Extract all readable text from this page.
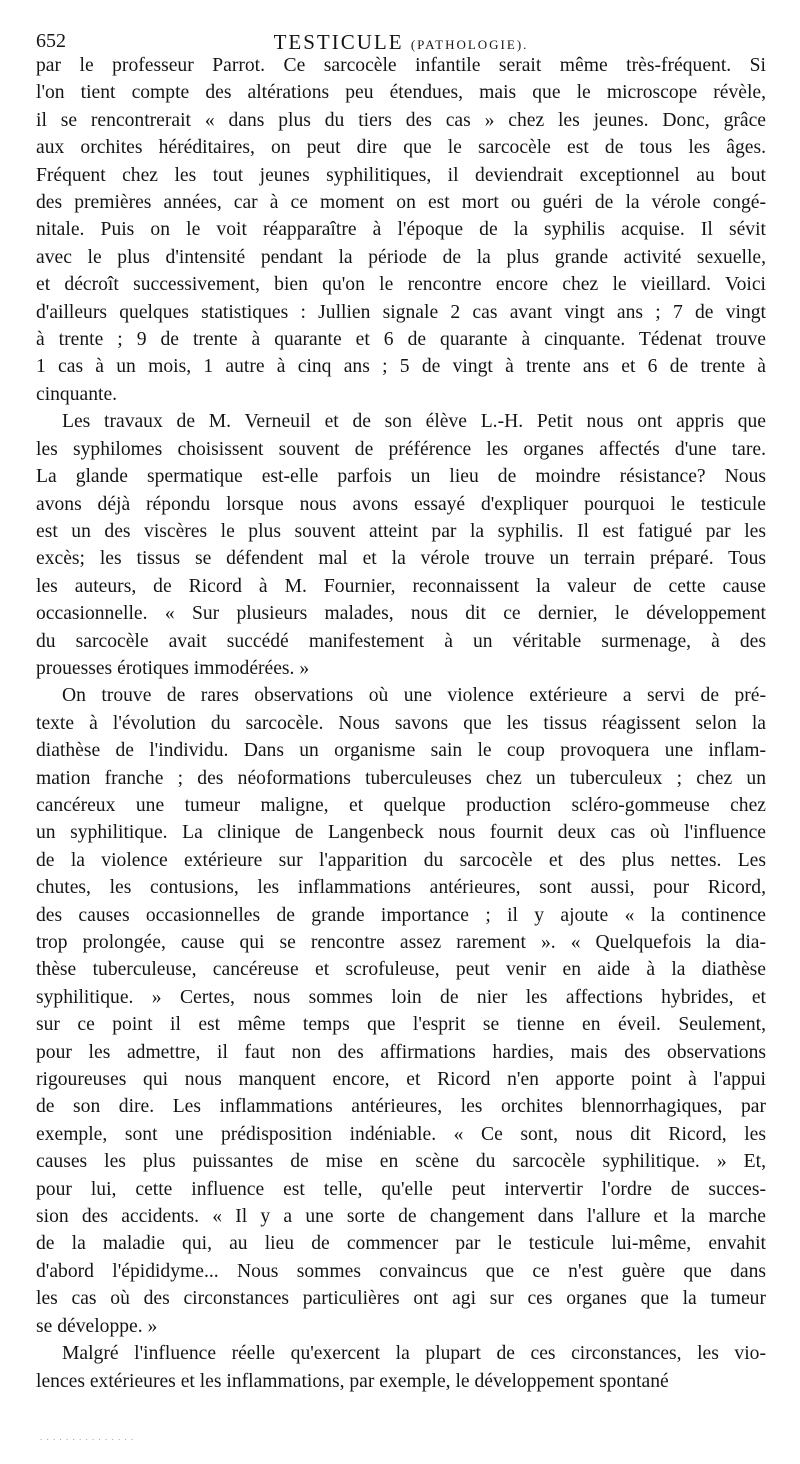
652	TESTICULE (PATHOLOGIE).

par le professeur Parrot. Ce sarcocèle infantile serait même très-fréquent. Si
l'on tient compte des altérations peu étendues, mais que le microscope révèle,
il se rencontrerait « dans plus du tiers des cas » chez les jeunes. Donc, grâce
aux orchites héréditaires, on peut dire que le sarcocèle est de tous les âges.
Fréquent chez les tout jeunes syphilitiques, il deviendrait exceptionnel au bout
des premières années, car à ce moment on est mort ou guéri de la vérole congé-
nitale. Puis on le voit réapparaître à l'époque de la syphilis acquise. Il sévit
avec le plus d'intensité pendant la période de la plus grande activité sexuelle,
et décroît successivement, bien qu'on le rencontre encore chez le vieillard. Voici
d'ailleurs quelques statistiques : Jullien signale 2 cas avant vingt ans ; 7 de vingt
à trente ; 9 de trente à quarante et 6 de quarante à cinquante. Tédenat trouve
1 cas à un mois, 1 autre à cinq ans ; 5 de vingt à trente ans et 6 de trente à
cinquante.

Les travaux de M. Verneuil et de son élève L.-H. Petit nous ont appris que
les syphilomes choisissent souvent de préférence les organes affectés d'une tare.
La glande spermatique est-elle parfois un lieu de moindre résistance? Nous
avons déjà répondu lorsque nous avons essayé d'expliquer pourquoi le testicule
est un des viscères le plus souvent atteint par la syphilis. Il est fatigué par les
excès; les tissus se défendent mal et la vérole trouve un terrain préparé. Tous
les auteurs, de Ricord à M. Fournier, reconnaissent la valeur de cette cause
occasionnelle. « Sur plusieurs malades, nous dit ce dernier, le développement
du sarcocèle avait succédé manifestement à un véritable surmenage, à des
prouesses érotiques immodérées. »

On trouve de rares observations où une violence extérieure a servi de pré-
texte à l'évolution du sarcocèle. Nous savons que les tissus réagissent selon la
diathèse de l'individu. Dans un organisme sain le coup provoquera une inflam-
mation franche ; des néoformations tuberculeuses chez un tuberculeux ; chez un
cancéreux une tumeur maligne, et quelque production scléro-gommeuse chez
un syphilitique. La clinique de Langenbeck nous fournit deux cas où l'influence
de la violence extérieure sur l'apparition du sarcocèle et des plus nettes. Les
chutes, les contusions, les inflammations antérieures, sont aussi, pour Ricord,
des causes occasionnelles de grande importance ; il y ajoute « la continence
trop prolongée, cause qui se rencontre assez rarement ». « Quelquefois la dia-
thèse tuberculeuse, cancéreuse et scrofuleuse, peut venir en aide à la diathèse
syphilitique. » Certes, nous sommes loin de nier les affections hybrides, et
sur ce point il est même temps que l'esprit se tienne en éveil. Seulement,
pour les admettre, il faut non des affirmations hardies, mais des observations
rigoureuses qui nous manquent encore, et Ricord n'en apporte point à l'appui
de son dire. Les inflammations antérieures, les orchites blennorrhagiques, par
exemple, sont une prédisposition indéniable. « Ce sont, nous dit Ricord, les
causes les plus puissantes de mise en scène du sarcocèle syphilitique. » Et,
pour lui, cette influence est telle, qu'elle peut intervertir l'ordre de succes-
sion des accidents. « Il y a une sorte de changement dans l'allure et la marche
de la maladie qui, au lieu de commencer par le testicule lui-même, envahit
d'abord l'épididyme... Nous sommes convaincus que ce n'est guère que dans
les cas où des circonstances particulières ont agi sur ces organes que la tumeur
se développe. »

Malgré l'influence réelle qu'exercent la plupart de ces circonstances, les vio-
lences extérieures et les inflammations, par exemple, le développement spontané

. . . . . . . . . . . . . . .
